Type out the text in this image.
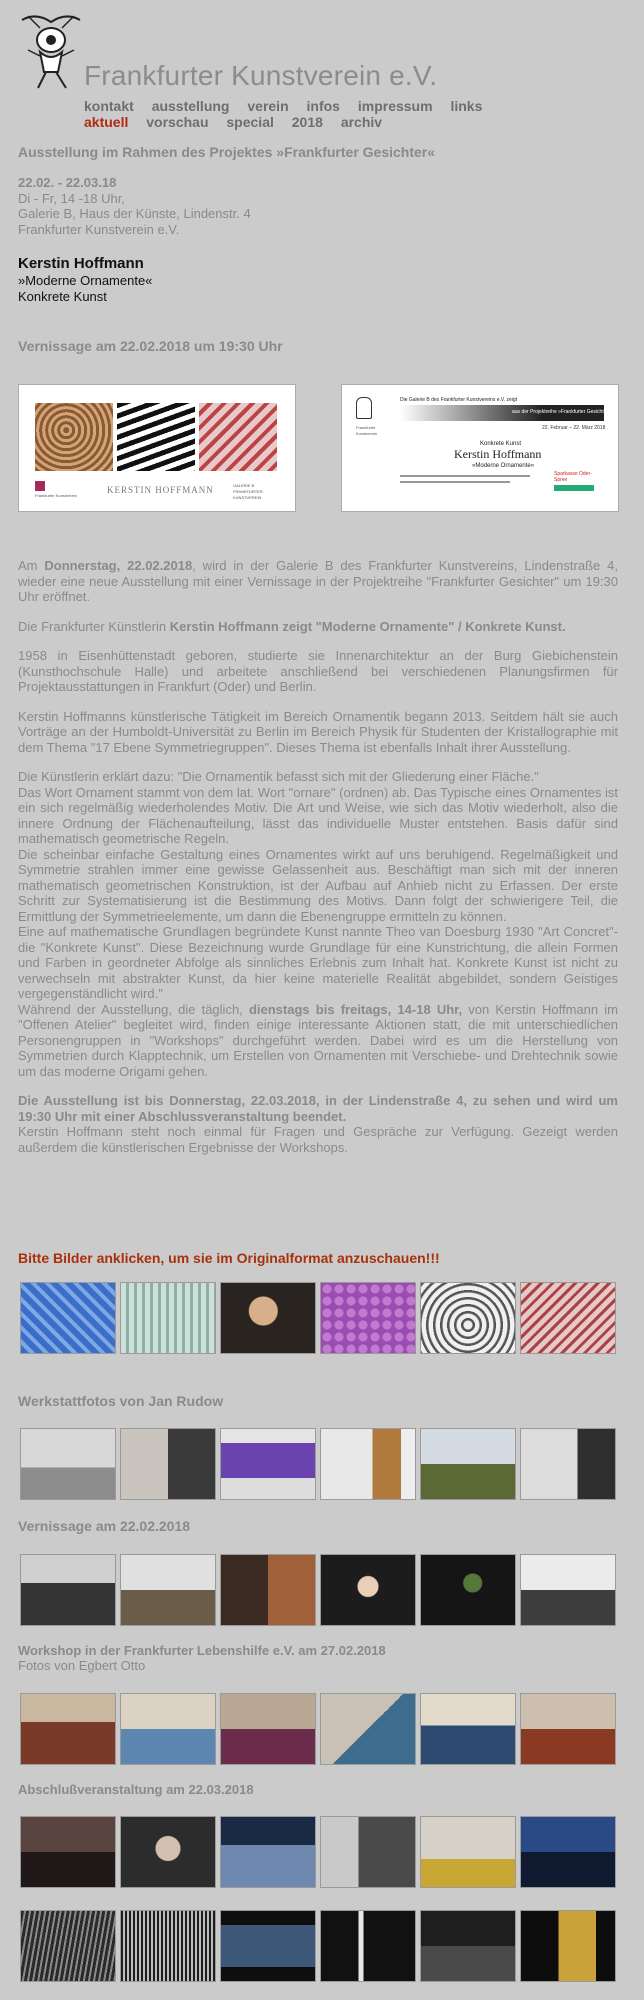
Frankfurter Kunstverein e.V.
kontakt ausstellung verein infos impressum links
aktuell vorschau special 2018 archiv
Ausstellung im Rahmen des Projektes »Frankfurter Gesichter«
22.02. - 22.03.18
Di - Fr, 14 -18 Uhr,
Galerie B, Haus der Künste, Lindenstr. 4
Frankfurter Kunstverein e.V.
Kerstin Hoffmann
»Moderne Ornamente«
Konkrete Kunst
Vernissage am 22.02.2018 um 19:30 Uhr
Frankfurter Kunstverein
KERSTIN HOFFMANN	GALERIE B FRANKFURTER KUNSTVEREIN
Die Galerie B des Frankfurter Kunstvereins e.V. zeigt
aus der Projektreihe »Frankfurter Gesichter«
22. Februar – 22. März 2018
Frankfurter Kunstverein
Konkrete Kunst
Kerstin Hoffmann
»Moderne Ornamente«
Sparkasse Oder-Spree

Am Donnerstag, 22.02.2018, wird in der Galerie B des Frankfurter Kunstvereins, Lindenstraße 4, wieder eine neue Ausstellung mit einer Vernissage in der Projektreihe "Frankfurter Gesichter" um 19:30 Uhr eröffnet.

Die Frankfurter Künstlerin Kerstin Hoffmann zeigt "Moderne Ornamente" / Konkrete Kunst.

1958 in Eisenhüttenstadt geboren, studierte sie Innenarchitektur an der Burg Giebichenstein (Kunsthochschule Halle) und arbeitete anschließend bei verschiedenen Planungsfirmen für Projektausstattungen in Frankfurt (Oder) und Berlin.

Kerstin Hoffmanns künstlerische Tätigkeit im Bereich Ornamentik begann 2013. Seitdem hält sie auch Vorträge an der Humboldt-Universität zu Berlin im Bereich Physik für Studenten der Kristallographie mit dem Thema "17 Ebene Symmetriegruppen". Dieses Thema ist ebenfalls Inhalt ihrer Ausstellung.

Die Künstlerin erklärt dazu: "Die Ornamentik befasst sich mit der Gliederung einer Fläche."

Das Wort Ornament stammt von dem lat. Wort "ornare" (ordnen) ab. Das Typische eines Ornamentes ist ein sich regelmäßig wiederholendes Motiv. Die Art und Weise, wie sich das Motiv wiederholt, also die innere Ordnung der Flächenaufteilung, lässt das individuelle Muster entstehen. Basis dafür sind mathematisch geometrische Regeln.

Die scheinbar einfache Gestaltung eines Ornamentes wirkt auf uns beruhigend. Regelmäßigkeit und Symmetrie strahlen immer eine gewisse Gelassenheit aus. Beschäftigt man sich mit der inneren mathematisch geometrischen Konstruktion, ist der Aufbau auf Anhieb nicht zu Erfassen. Der erste Schritt zur Systematisierung ist die Bestimmung des Motivs. Dann folgt der schwierigere Teil, die Ermittlung der Symmetrieelemente, um dann die Ebenengruppe ermitteln zu können.

Eine auf mathematische Grundlagen begründete Kunst nannte Theo van Doesburg 1930 "Art Concret"- die "Konkrete Kunst". Diese Bezeichnung wurde Grundlage für eine Kunstrichtung, die allein Formen und Farben in geordneter Abfolge als sinnliches Erlebnis zum Inhalt hat. Konkrete Kunst ist nicht zu verwechseln mit abstrakter Kunst, da hier keine materielle Realität abgebildet, sondern Geistiges vergegenständlicht wird."

Während der Ausstellung, die täglich, dienstags bis freitags, 14-18 Uhr, von Kerstin Hoffmann im "Offenen Atelier" begleitet wird, finden einige interessante Aktionen statt, die mit unterschiedlichen Personengruppen in "Workshops" durchgeführt werden. Dabei wird es um die Herstellung von Symmetrien durch Klapptechnik, um Erstellen von Ornamenten mit Verschiebe- und Drehtechnik sowie um das moderne Origami gehen.

Die Ausstellung ist bis Donnerstag, 22.03.2018, in der Lindenstraße 4, zu sehen und wird um 19:30 Uhr mit einer Abschlussveranstaltung beendet.
Kerstin Hoffmann steht noch einmal für Fragen und Gespräche zur Verfügung. Gezeigt werden außerdem die künstlerischen Ergebnisse der Workshops.

Bitte Bilder anklicken, um sie im Originalformat anzuschauen!!!
Werkstattfotos von Jan Rudow
Vernissage am 22.02.2018
Workshop in der Frankfurter Lebenshilfe e.V. am 27.02.2018
Fotos von Egbert Otto
Abschlußveranstaltung am 22.03.2018
